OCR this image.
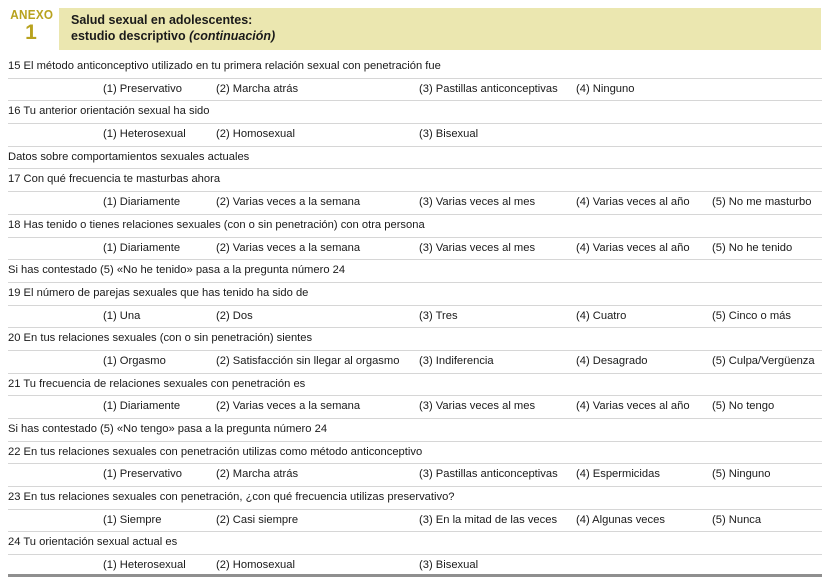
ANEXO
1
Salud sexual en adolescentes:
estudio descriptivo (continuación)
15 El método anticonceptivo utilizado en tu primera relación sexual con penetración fue
(1) Preservativo	(2) Marcha atrás	(3) Pastillas anticonceptivas (4) Ninguno
16 Tu anterior orientación sexual ha sido
(1) Heterosexual	(2) Homosexual	(3) Bisexual
Datos sobre comportamientos sexuales actuales
17 Con qué frecuencia te masturbas ahora
(1) Diariamente	(2) Varias veces a la semana	(3) Varias veces al mes	(4) Varias veces al año (5) No me masturbo
18 Has tenido o tienes relaciones sexuales (con o sin penetración) con otra persona
(1) Diariamente	(2) Varias veces a la semana	(3) Varias veces al mes	(4) Varias veces al año (5) No he tenido
Si has contestado (5) «No he tenido» pasa a la pregunta número 24
19 El número de parejas sexuales que has tenido ha sido de
(1) Una	(2) Dos	(3) Tres	(4) Cuatro	(5) Cinco o más
20 En tus relaciones sexuales (con o sin penetración) sientes
(1) Orgasmo	(2) Satisfacción sin llegar al orgasmo (3) Indiferencia	(4) Desagrado	(5) Culpa/Vergüenza
21 Tu frecuencia de relaciones sexuales con penetración es
(1) Diariamente	(2) Varias veces a la semana	(3) Varias veces al mes	(4) Varias veces al año (5) No tengo
Si has contestado (5) «No tengo» pasa a la pregunta número 24
22 En tus relaciones sexuales con penetración utilizas como método anticonceptivo
(1) Preservativo	(2) Marcha atrás	(3) Pastillas anticonceptivas (4) Espermicidas	(5) Ninguno
23 En tus relaciones sexuales con penetración, ¿con qué frecuencia utilizas preservativo?
(1) Siempre	(2) Casi siempre	(3) En la mitad de las veces (4) Algunas veces	(5) Nunca
24 Tu orientación sexual actual es
(1) Heterosexual	(2) Homosexual	(3) Bisexual
